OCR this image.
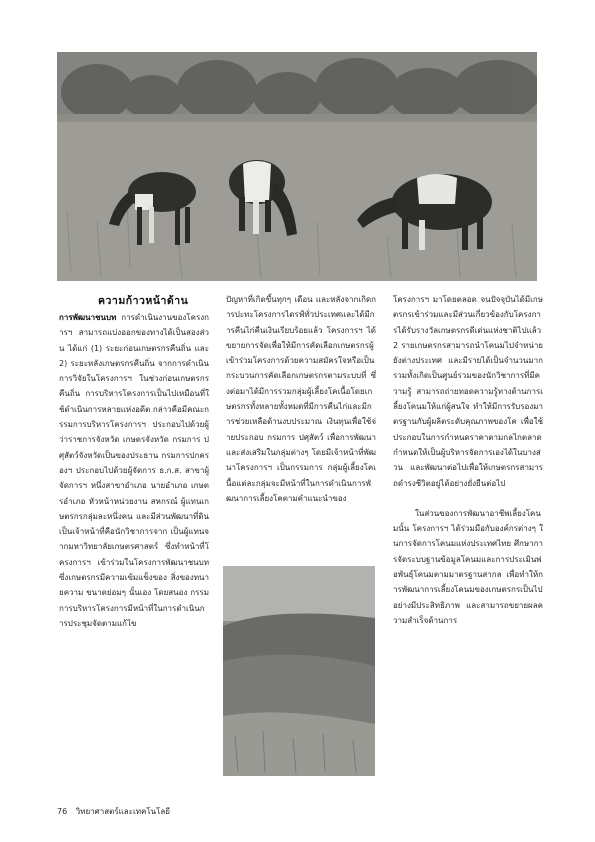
ความก้าวหน้าด้าน

การพัฒนาชนบท การดำเนินงานของโครงการฯ สามารถแบ่งออกของทางได้เป็นสองส่วน ได้แก่ (1) ระยะก่อนเกษตรกรคืนถิ่น และ 2) ระยะหลังเกษตรกรคืนถิ่น จากการดำเนินการวิจัยในโครงการฯ ในช่วงก่อนเกษตรกรคืนถิ่น การบริหารโครงการเป็นไปเหมือนที่ใช้ดำเนินการหลายแห่งอดีต กล่าวคือมีคณะกรรมการบริหารโครงการฯ ประกอบไปด้วยผู้ว่าราชการจังหวัด เกษตรจังหวัด กรมการ ปศุสัตว์จังหวัดเป็นของประธาน กรมการปกครองฯ ประกอบไปด้วยผู้จัดการ ธ.ก.ส. สาขาผู้จัดการฯ หนึ่งสาขาอำเภอ นายอำเภอ เกษตรอำเภอ หัวหน้าหน่วยงาน สหกรณ์ ผู้แทนเกษตรกรกลุ่มละหนึ่งคน และมีส่วนพัฒนาที่ดิน เป็นเจ้าหน้าที่คือนักวิชาการจาก เป็นผู้แทนจากมหาวิทยาลัยเกษตรศาสตร์ ซึ่งทำหน้าที่โครงการฯ เข้าร่วมในโครงการพัฒนาชนบทซึ่งเกษตรกรมีความเข้มแข็งของ สิ่งของทนายความ ขนาดย่อมๆ นั้นเอง โดยสนอง กรรมการบริหารโครงการมีหน้าที่ในการดำเนินการประชุมจัดตามแก้ไข

ปัญหาที่เกิดขึ้นทุกๆ เดือน และหลังจากเกิดการปะทะโครงการไดรฟ์ทั่วประเทศและได้มีการคืนไก่คืนเงินเรียบร้อยแล้ว โครงการฯ ได้ขยายการจัดเพื่อให้มีการคัดเลือกเกษตรกรผู้เข้าร่วมโครงการด้วยความสมัครใจหรือเป็นกระบวนการคัดเลือกเกษตรกรตามระบบที่ ซึ่งต่อมาได้มีการรวมกลุ่มผู้เลี้ยงโคเนื้อโดยเกษตรกรทั้งหลายทั้งหมดที่มีการคืนไก่และมีการช่วยเหลือด้านงบประมาณ เงินทุนเพื่อใช้จ่ายประกอบ กรมการ ปศุสัตว์ เพื่อการพัฒนาและส่งเสริมในกลุ่มต่างๆ โดยมีเจ้าหน้าที่พัฒนาโครงการฯ เป็นกรรมการ กลุ่มผู้เลี้ยงโคเนื้อแต่ละกลุ่มจะมีหน้าที่ในการดำเนินการพัฒนาการเลี้ยงโคตามคำแนะนำของ

โครงการฯ มาโดยตลอด จนปัจจุบันได้มีเกษตรกรเข้าร่วมและมีส่วนเกี่ยวข้องกับโครงการได้รับรางวัลเกษตรกรดีเด่นแห่งชาติไปแล้ว 2 รายเกษตรกรสามารถนำโคนมไปจำหน่ายยังต่างประเทศ และมีรายได้เป็นจำนวนมาก รวมทั้งเกิดเป็นศูนย์รวมของนักวิชาการที่มีความรู้ สามารถถ่ายทอดความรู้ทางด้านการเลี้ยงโคนมให้แก่ผู้สนใจ ทำให้มีการรับรองมาตรฐานกับผู้ผลิตระดับคุณภาพของโค เพื่อใช้ประกอบในการกำหนดราคาตามกลไกตลาดกำหนดให้เป็นผู้บริหารจัดการเองได้ในบางส่วน และพัฒนาต่อไปเพื่อให้เกษตรกรสามารถดำรงชีวิตอยู่ได้อย่างยั่งยืนต่อไป

ในส่วนของการพัฒนาอาชีพเลี้ยงโคนมนั้น โครงการฯ ได้ร่วมมือกับองค์กรต่างๆ ในการจัดการโคนมแห่งประเทศไทย ศึกษาการจัดระบบฐานข้อมูลโคนมและการประเมินพ่อพันธุ์โคนมตามมาตรฐานสากล เพื่อทำให้การพัฒนาการเลี้ยงโคนมของเกษตรกรเป็นไปอย่างมีประสิทธิภาพ และสามารถขยายผลความสำเร็จด้านการ

76 วิทยาศาสตร์และเทคโนโลยี
